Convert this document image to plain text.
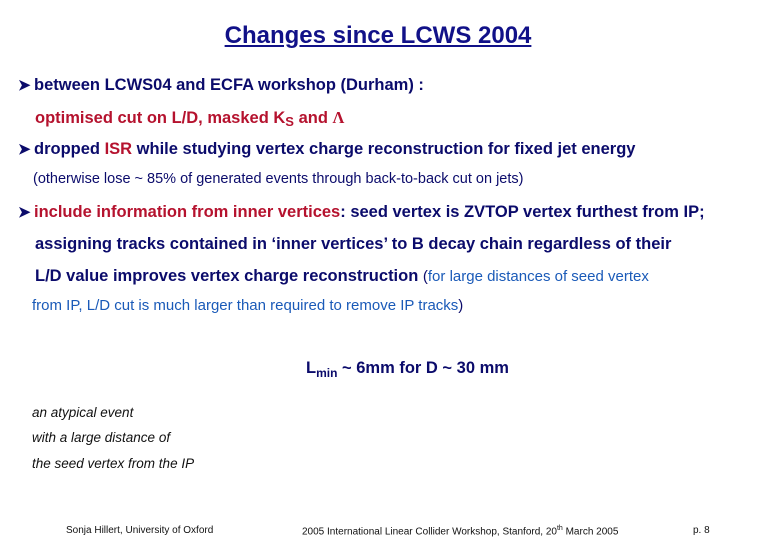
Changes since LCWS 2004
➤ between LCWS04 and ECFA workshop (Durham) :
optimised cut on L/D, masked KS and Λ
➤ dropped ISR while studying vertex charge reconstruction for fixed jet energy
(otherwise lose ~ 85% of generated events through back-to-back cut on jets)
➤ include information from inner vertices: seed vertex is ZVTOP vertex furthest from IP;
assigning tracks contained in ‘inner vertices’ to B decay chain regardless of their
L/D value improves vertex charge reconstruction (for large distances of seed vertex
from IP, L/D cut is much larger than required to remove IP tracks)
$L_{min}$ ~ 6mm for D ~ 30 mm
an atypical event
with a large distance of
the seed vertex from the IP
Sonja Hillert, University of Oxford	2005 International Linear Collider Workshop, Stanford, 20th March 2005	p. 8
